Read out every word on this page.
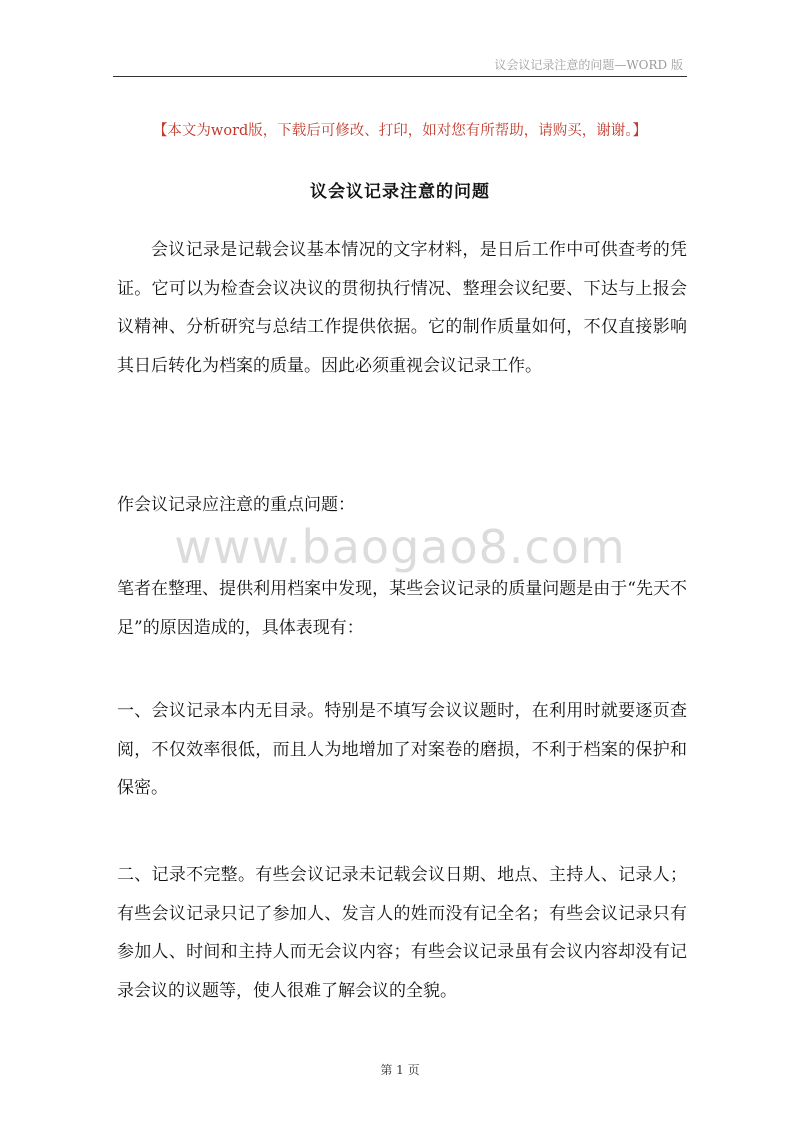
议会议记录注意的问题—WORD 版
【本文为word版，下载后可修改、打印，如对您有所帮助，请购买，谢谢。】
议会议记录注意的问题

会议记录是记载会议基本情况的文字材料，是日后工作中可供查考的凭证。它可以为检查会议决议的贯彻执行情况、整理会议纪要、下达与上报会议精神、分析研究与总结工作提供依据。它的制作质量如何，不仅直接影响其日后转化为档案的质量。因此必须重视会议记录工作。

作会议记录应注意的重点问题：

www.baogao8.com

笔者在整理、提供利用档案中发现，某些会议记录的质量问题是由于“先天不足”的原因造成的，具体表现有：

一、会议记录本内无目录。特别是不填写会议议题时，在利用时就要逐页查阅，不仅效率很低，而且人为地增加了对案卷的磨损，不利于档案的保护和保密。

二、记录不完整。有些会议记录未记载会议日期、地点、主持人、记录人；有些会议记录只记了参加人、发言人的姓而没有记全名；有些会议记录只有参加人、时间和主持人而无会议内容；有些会议记录虽有会议内容却没有记录会议的议题等，使人很难了解会议的全貌。

第 1 页
